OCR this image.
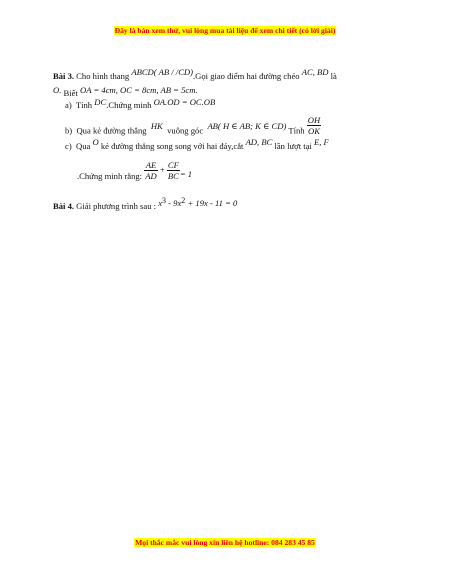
Đây là bản xem thử, vui lòng mua tài liệu để xem chi tiết (có lời giải)
Bài 3. Cho hình thang ABCD( AB / /CD).Gọi giao điểm hai đường chéo AC, BD là
O. Biết OA = 4cm, OC = 8cm, AB = 5cm.
a) Tính DC.Chứng minh OA.OD = OC.OB
b) Qua kẻ đường thẳng HK vuông góc AB( H ∈ AB; K ∈ CD) Tính $\frac{OH}{OK}$
c) Qua O kẻ đường thẳng song song với hai đáy,cắt AD, BC lần lượt tại E, F
.Chứng minh rằng: $\frac{AE}{AD} + \frac{CF}{BC} = 1$
Bài 4. Giải phương trình sau : x3 - 9x2 + 19x - 11 = 0
Mọi thắc mắc vui lòng xin liên hệ hotline: 084 283 45 85
